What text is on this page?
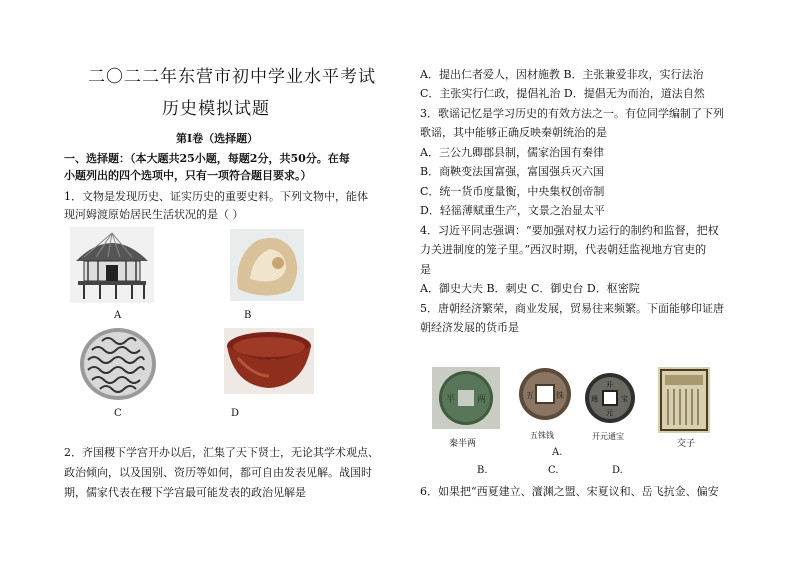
二〇二二年东营市初中学业水平考试
历史模拟试题
第Ⅰ卷（选择题）
一、选择题：（本大题共25小题，每题2分，共50分。在每
小题列出的四个选项中，只有一项符合题目要求。）
1．文物是发现历史、证实历史的重要史料。下列文物中，能体
现河姆渡原始居民生活状况的是（ ）
A	B
C	D
2．齐国稷下学宫开办以后，汇集了天下贤士，无论其学术观点、
政治倾向，以及国别、资历等如何，都可自由发表见解。战国时
期，儒家代表在稷下学宫最可能发表的政治见解是
A．提出仁者爱人，因材施教 B．主张兼爱非攻，实行法治
C．主张实行仁政，提倡礼治 D．提倡无为而治，道法自然
3．歌谣记忆是学习历史的有效方法之一。有位同学编制了下列
歌谣，其中能够正确反映秦朝统治的是
A．三公九卿郡县制，儒家治国有秦律
B．商鞅变法国富强，富国强兵灭六国
C．统一货币度量衡，中央集权创帝制
D．轻徭薄赋重生产，文景之治显太平
4．习近平同志强调：“要加强对权力运行的制约和监督，把权
力关进制度的笼子里。”西汉时期，代表朝廷监视地方官吏的
是
A．御史大夫 B．刺史 C．御史台 D．枢密院
5．唐朝经济繁荣，商业发展，贸易往来频繁。下面能够印证唐
朝经济发展的货币是
半 两
秦半两
五	铢
五铢钱
开
元
通	宝
开元通宝
交子
A.
B.	C.	D.
6．如果把“西夏建立、澶渊之盟、宋夏议和、岳飞抗金、偏安
